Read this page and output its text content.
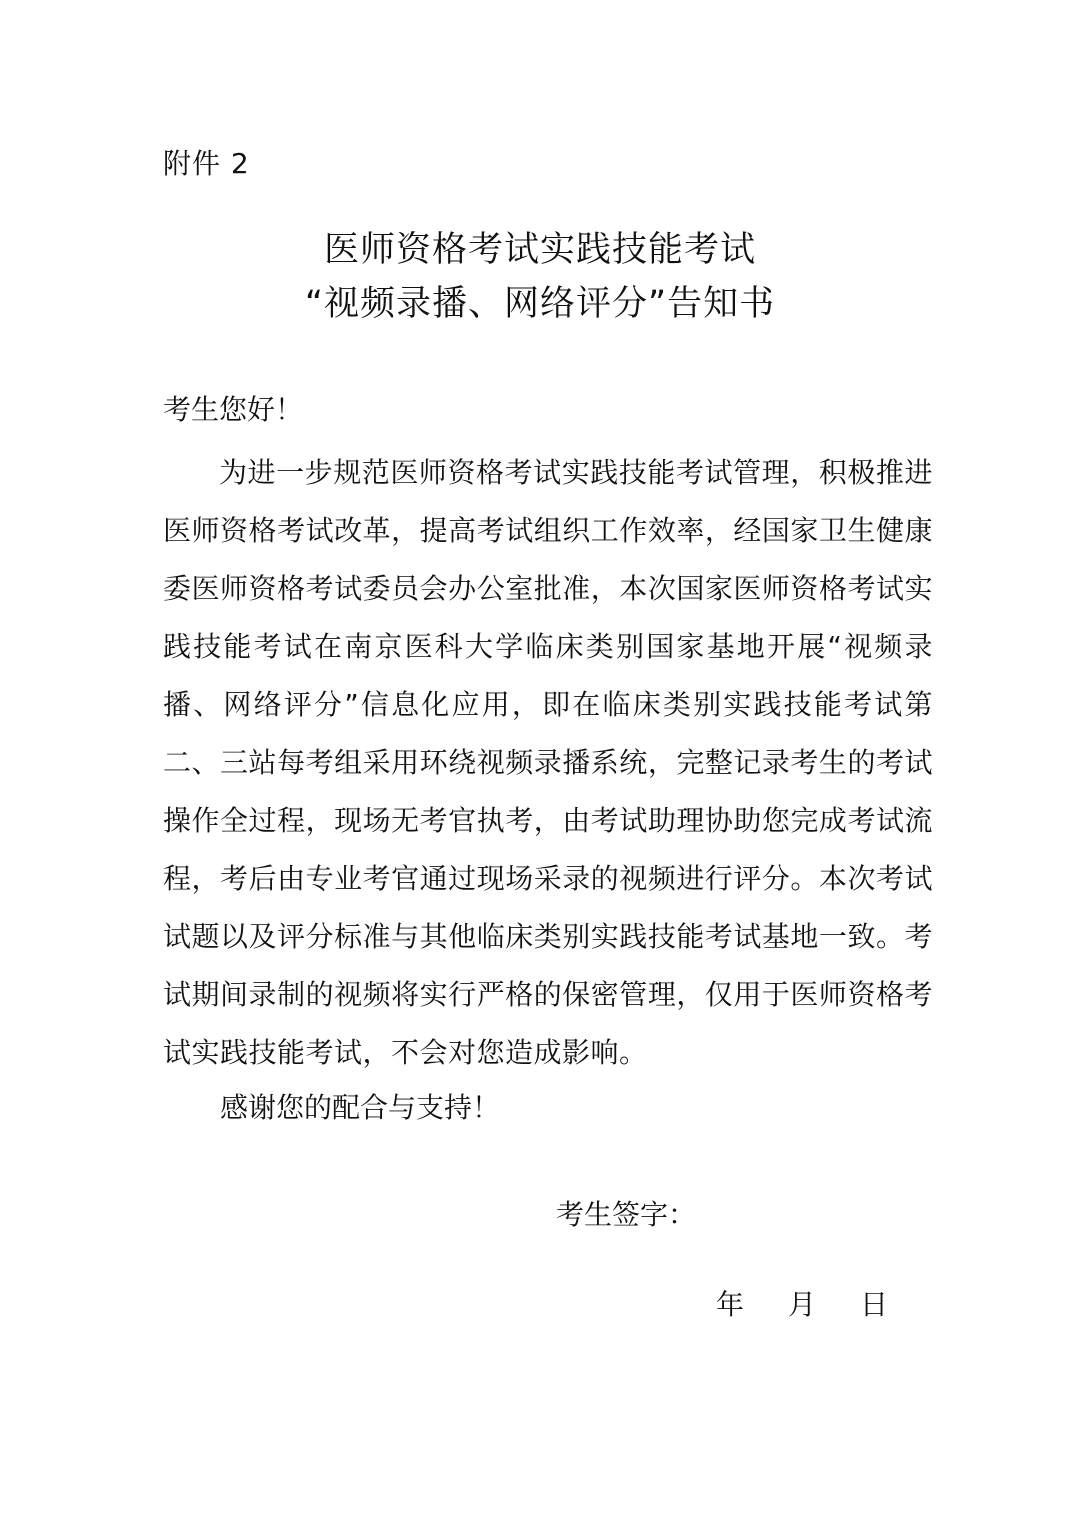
附件 2
医师资格考试实践技能考试
“视频录播、网络评分”告知书
考生您好！
为进一步规范医师资格考试实践技能考试管理，积极推进医师资格考试改革，提高考试组织工作效率，经国家卫生健康委医师资格考试委员会办公室批准，本次国家医师资格考试实践技能考试在南京医科大学临床类别国家基地开展“视频录播、网络评分”信息化应用，即在临床类别实践技能考试第二、三站每考组采用环绕视频录播系统，完整记录考生的考试操作全过程，现场无考官执考，由考试助理协助您完成考试流程，考后由专业考官通过现场采录的视频进行评分。本次考试试题以及评分标准与其他临床类别实践技能考试基地一致。考试期间录制的视频将实行严格的保密管理，仅用于医师资格考试实践技能考试，不会对您造成影响。
感谢您的配合与支持！
考生签字：
年 月 日
